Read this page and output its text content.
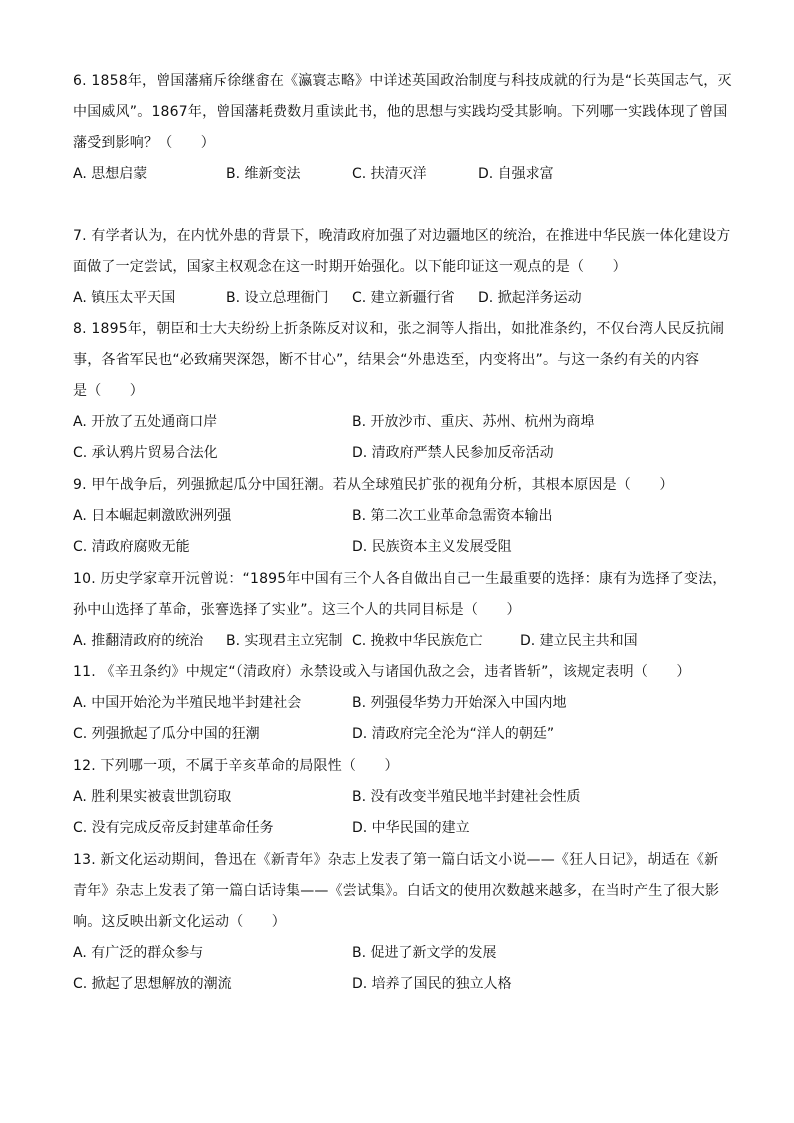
6. 1858年，曾国藩痛斥徐继畬在《瀛寰志略》中详述英国政治制度与科技成就的行为是“长英国志气，灭
中国威风”。1867年，曾国藩耗费数月重读此书，他的思想与实践均受其影响。下列哪一实践体现了曾国
藩受到影响？（　　）
A. 思想启蒙	B. 维新变法	C. 扶清灭洋	D. 自强求富
7. 有学者认为，在内忧外患的背景下，晚清政府加强了对边疆地区的统治，在推进中华民族一体化建设方
面做了一定尝试，国家主权观念在这一时期开始强化。以下能印证这一观点的是（　　）
A. 镇压太平天国	B. 设立总理衙门 C. 建立新疆行省 D. 掀起洋务运动
8. 1895年，朝臣和士大夫纷纷上折条陈反对议和，张之洞等人指出，如批准条约，不仅台湾人民反抗闹
事，各省军民也“必致痛哭深怨，断不甘心”，结果会“外患迭至，内变将出”。与这一条约有关的内容
是（　　）
A. 开放了五处通商口岸	B. 开放沙市、重庆、苏州、杭州为商埠
C. 承认鸦片贸易合法化	D. 清政府严禁人民参加反帝活动
9. 甲午战争后，列强掀起瓜分中国狂潮。若从全球殖民扩张的视角分析，其根本原因是（　　）
A. 日本崛起刺激欧洲列强	B. 第二次工业革命急需资本输出
C. 清政府腐败无能	D. 民族资本主义发展受阻
10. 历史学家章开沅曾说：“1895年中国有三个人各自做出自己一生最重要的选择：康有为选择了变法，
孙中山选择了革命，张謇选择了实业”。这三个人的共同目标是（　　）
A. 推翻清政府的统治 B. 实现君主立宪制 C. 挽救中华民族危亡	D. 建立民主共和国
11. 《辛丑条约》中规定“（清政府）永禁设或入与诸国仇敌之会，违者皆斩”，该规定表明（　　）
A. 中国开始沦为半殖民地半封建社会	B. 列强侵华势力开始深入中国内地
C. 列强掀起了瓜分中国的狂潮	D. 清政府完全沦为“洋人的朝廷”
12. 下列哪一项，不属于辛亥革命的局限性（　　）
A. 胜利果实被袁世凯窃取	B. 没有改变半殖民地半封建社会性质
C. 没有完成反帝反封建革命任务	D. 中华民国的建立
13. 新文化运动期间，鲁迅在《新青年》杂志上发表了第一篇白话文小说——《狂人日记》，胡适在《新
青年》杂志上发表了第一篇白话诗集——《尝试集》。白话文的使用次数越来越多，在当时产生了很大影
响。这反映出新文化运动（　　）
A. 有广泛的群众参与	B. 促进了新文学的发展
C. 掀起了思想解放的潮流	D. 培养了国民的独立人格
